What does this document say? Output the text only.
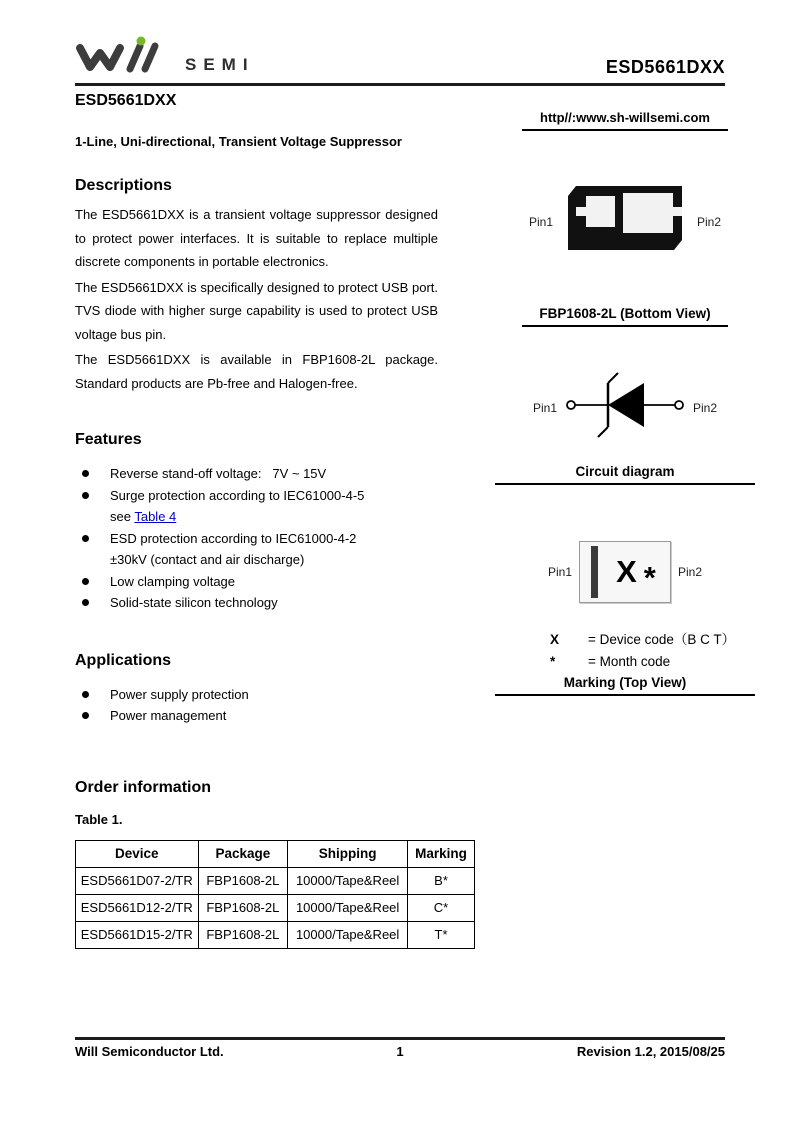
SEMI	ESD5661DXX
ESD5661DXX
1-Line, Uni-directional, Transient Voltage Suppressor
Descriptions

The ESD5661DXX is a transient voltage suppressor designed to protect power interfaces. It is suitable to replace multiple discrete components in portable electronics.

The ESD5661DXX is specifically designed to protect USB port. TVS diode with higher surge capability is used to protect USB voltage bus pin.

The ESD5661DXX is available in FBP1608-2L package. Standard products are Pb-free and Halogen-free.

Features
Reverse stand-off voltage:   7V ~ 15V
Surge protection according to IEC61000-4-5
see Table 4
ESD protection according to IEC61000-4-2
±30kV (contact and air discharge)
Low clamping voltage
Solid-state silicon technology
Applications
Power supply protection
Power management
Order information
Table 1.
Device	Package	Shipping	Marking
ESD5661D07-2/TR	FBP1608-2L	10000/Tape&Reel	B*
ESD5661D12-2/TR	FBP1608-2L	10000/Tape&Reel	C*
ESD5661D15-2/TR	FBP1608-2L	10000/Tape&Reel	T*
http//:www.sh-willsemi.com
Pin1	Pin2
FBP1608-2L (Bottom View)
Pin1	Pin2
Circuit diagram
Pin1 X * Pin2
X	= Device code（B C T）
*	= Month code
Marking (Top View)
Will Semiconductor Ltd.	1	Revision 1.2, 2015/08/25
